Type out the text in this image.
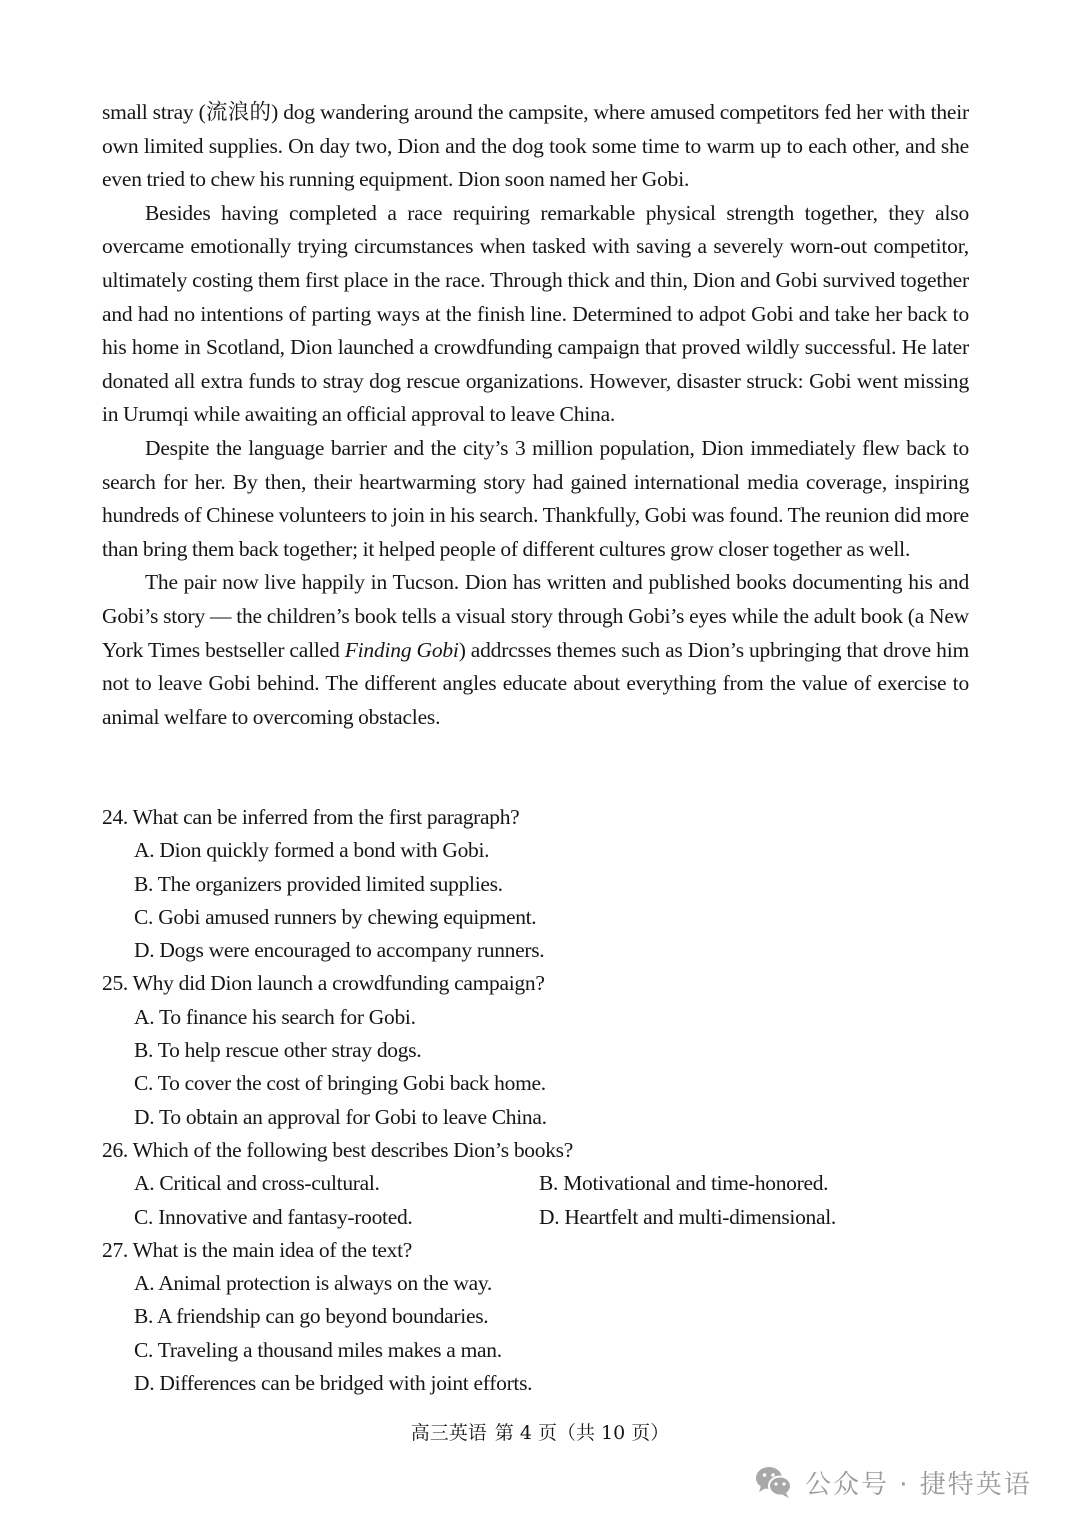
small stray (流浪的) dog wandering around the campsite, where amused competitors fed her with their own limited supplies. On day two, Dion and the dog took some time to warm up to each other, and she even tried to chew his running equipment. Dion soon named her Gobi.

Besides having completed a race requiring remarkable physical strength together, they also overcame emotionally trying circumstances when tasked with saving a severely worn-out competitor, ultimately costing them first place in the race. Through thick and thin, Dion and Gobi survived together and had no intentions of parting ways at the finish line. Determined to adpot Gobi and take her back to his home in Scotland, Dion launched a crowdfunding campaign that proved wildly successful. He later donated all extra funds to stray dog rescue organizations. However, disaster struck: Gobi went missing in Urumqi while awaiting an official approval to leave China.

Despite the language barrier and the city’s 3 million population, Dion immediately flew back to search for her. By then, their heartwarming story had gained international media coverage, inspiring hundreds of Chinese volunteers to join in his search. Thankfully, Gobi was found. The reunion did more than bring them back together; it helped people of different cultures grow closer together as well.

The pair now live happily in Tucson. Dion has written and published books documenting his and Gobi’s story — the children’s book tells a visual story through Gobi’s eyes while the adult book (a New York Times bestseller called Finding Gobi) addrcsses themes such as Dion’s upbringing that drove him not to leave Gobi behind. The different angles educate about everything from the value of exercise to animal welfare to overcoming obstacles.

24. What can be inferred from the first paragraph?

A. Dion quickly formed a bond with Gobi.

B. The organizers provided limited supplies.

C. Gobi amused runners by chewing equipment.

D. Dogs were encouraged to accompany runners.

25. Why did Dion launch a crowdfunding campaign?

A. To finance his search for Gobi.

B. To help rescue other stray dogs.

C. To cover the cost of bringing Gobi back home.

D. To obtain an approval for Gobi to leave China.

26. Which of the following best describes Dion’s books?

A. Critical and cross-cultural.	B. Motivational and time-honored.

C. Innovative and fantasy-rooted.	D. Heartfelt and multi-dimensional.

27. What is the main idea of the text?

A. Animal protection is always on the way.

B. A friendship can go beyond boundaries.

C. Traveling a thousand miles makes a man.

D. Differences can be bridged with joint efforts.

高三英语 第 4 页（共 10 页）
公众号 · 捷特英语
